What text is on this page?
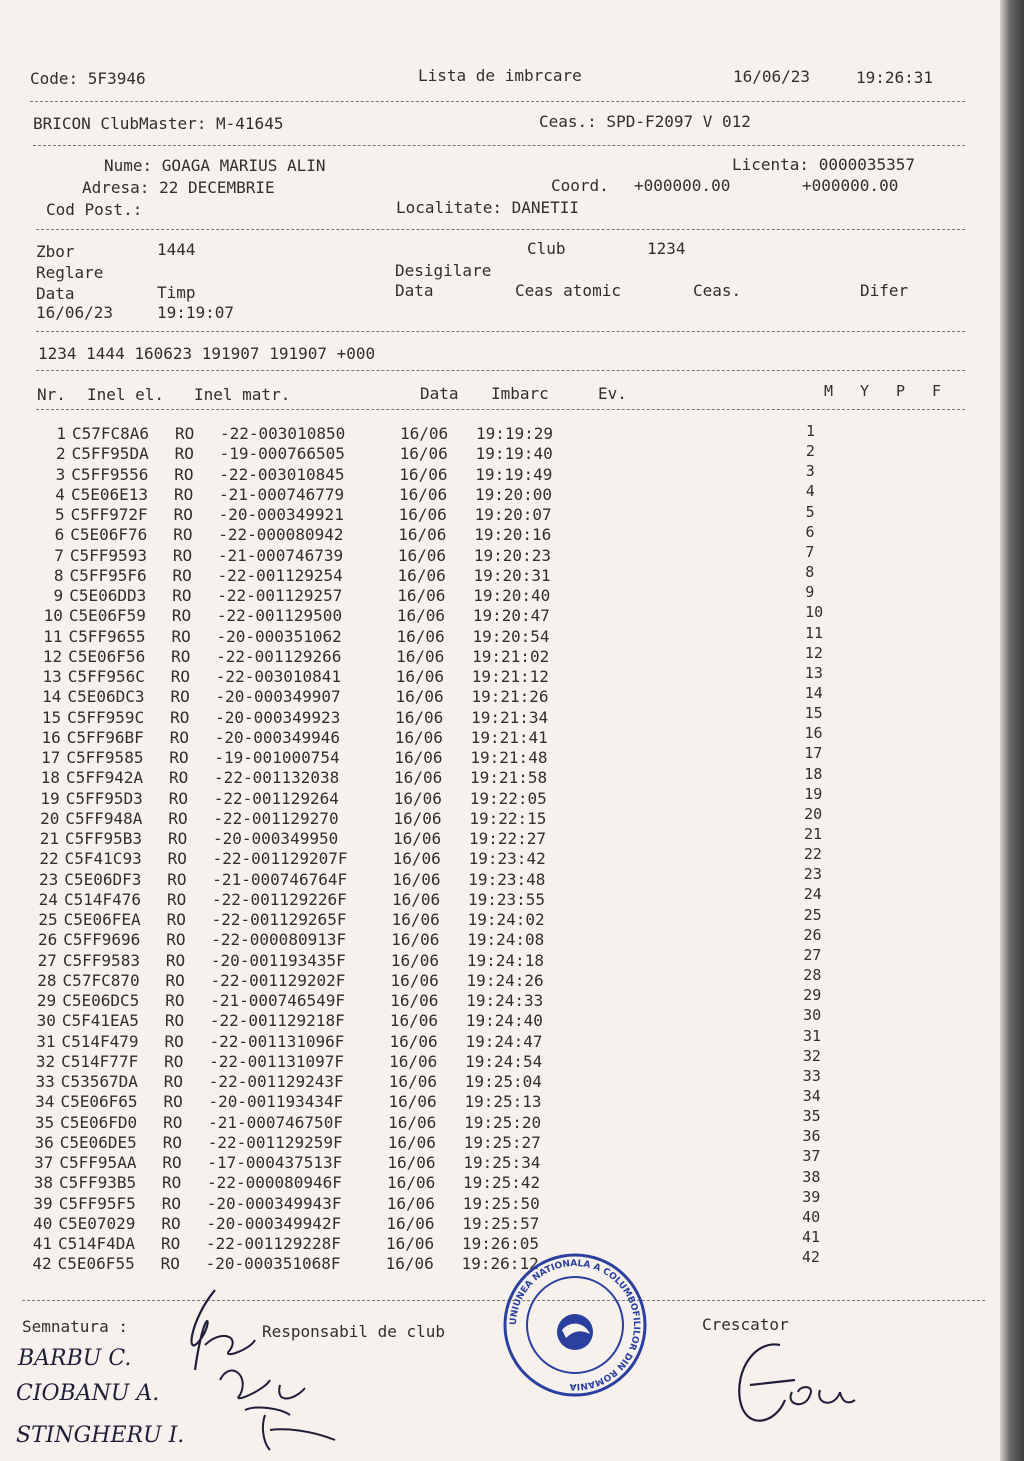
Code: 5F3946	Lista de imbrcare	16/06/23	19:26:31
BRICON ClubMaster: M-41645	Ceas.: SPD-F2097 V 012
Nume: GOAGA MARIUS ALIN	Licenta: 0000035357
Adresa: 22 DECEMBRIE	Coord. +000000.00	+000000.00
Cod Post.:	Localitate: DANETII
Zbor	1444	Club	1234
Reglare	Desigilare
Data	Timp	Data	Ceas atomic	Ceas.	Difer
16/06/23	19:19:07
1234 1444 160623 191907 191907 +000
Nr. Inel el. Inel matr.	Data Imbarc	Ev.	M Y P F
1 C57FC8A6 RO -22-003010850	16/06 19:19:29	1
2 C5FF95DA RO -19-000766505	16/06 19:19:40	2
3 C5FF9556 RO -22-003010845	16/06 19:19:49	3
4 C5E06E13 RO -21-000746779	16/06 19:20:00	4
5 C5FF972F RO -20-000349921	16/06 19:20:07	5
6 C5E06F76 RO -22-000080942	16/06 19:20:16	6
7 C5FF9593 RO -21-000746739	16/06 19:20:23	7
8 C5FF95F6 RO -22-001129254	16/06 19:20:31	8
9 C5E06DD3 RO -22-001129257	16/06 19:20:40	9
10 C5E06F59 RO -22-001129500	16/06 19:20:47	10
11 C5FF9655 RO -20-000351062	16/06 19:20:54	11
12 C5E06F56 RO -22-001129266	16/06 19:21:02	12
13 C5FF956C RO -22-003010841	16/06 19:21:12	13
14 C5E06DC3 RO -20-000349907	16/06 19:21:26	14
15 C5FF959C RO -20-000349923	16/06 19:21:34	15
16 C5FF96BF RO -20-000349946	16/06 19:21:41	16
17 C5FF9585 RO -19-001000754	16/06 19:21:48	17
18 C5FF942A RO -22-001132038	16/06 19:21:58	18
19 C5FF95D3 RO -22-001129264	16/06 19:22:05	19
20 C5FF948A RO -22-001129270	16/06 19:22:15	20
21 C5FF95B3 RO -20-000349950	16/06 19:22:27	21
22 C5F41C93 RO -22-001129207F	16/06 19:23:42	22
23 C5E06DF3 RO -21-000746764F	16/06 19:23:48	23
24 C514F476 RO -22-001129226F	16/06 19:23:55	24
25 C5E06FEA RO -22-001129265F	16/06 19:24:02	25
26 C5FF9696 RO -22-000080913F	16/06 19:24:08	26
27 C5FF9583 RO -20-001193435F	16/06 19:24:18	27
28 C57FC870 RO -22-001129202F	16/06 19:24:26	28
29 C5E06DC5 RO -21-000746549F	16/06 19:24:33	29
30 C5F41EA5 RO -22-001129218F	16/06 19:24:40	30
31 C514F479 RO -22-001131096F	16/06 19:24:47	31
32 C514F77F RO -22-001131097F	16/06 19:24:54	32
33 C53567DA RO -22-001129243F	16/06 19:25:04	33
34 C5E06F65 RO -20-001193434F	16/06 19:25:13	34
35 C5E06FD0 RO -21-000746750F	16/06 19:25:20	35
36 C5E06DE5 RO -22-001129259F	16/06 19:25:27	36
37 C5FF95AA RO -17-000437513F	16/06 19:25:34	37
38 C5FF93B5 RO -22-000080946F	16/06 19:25:42	38
39 C5FF95F5 RO -20-000349943F	16/06 19:25:50	39
40 C5E07029 RO -20-000349942F	16/06 19:25:57	40
41 C514F4DA RO -22-001129228F	16/06 19:26:05	41
42 C5E06F55 RO -20-000351068F	16/06 19:26:12	42
Semnatura :	Responsabil de club	Crescator
BARBU C.
CIOBANU A.
STINGHERU I.
UNIUNEA NATIONALA A COLUMBOFILILOR DIN ROMANIA
